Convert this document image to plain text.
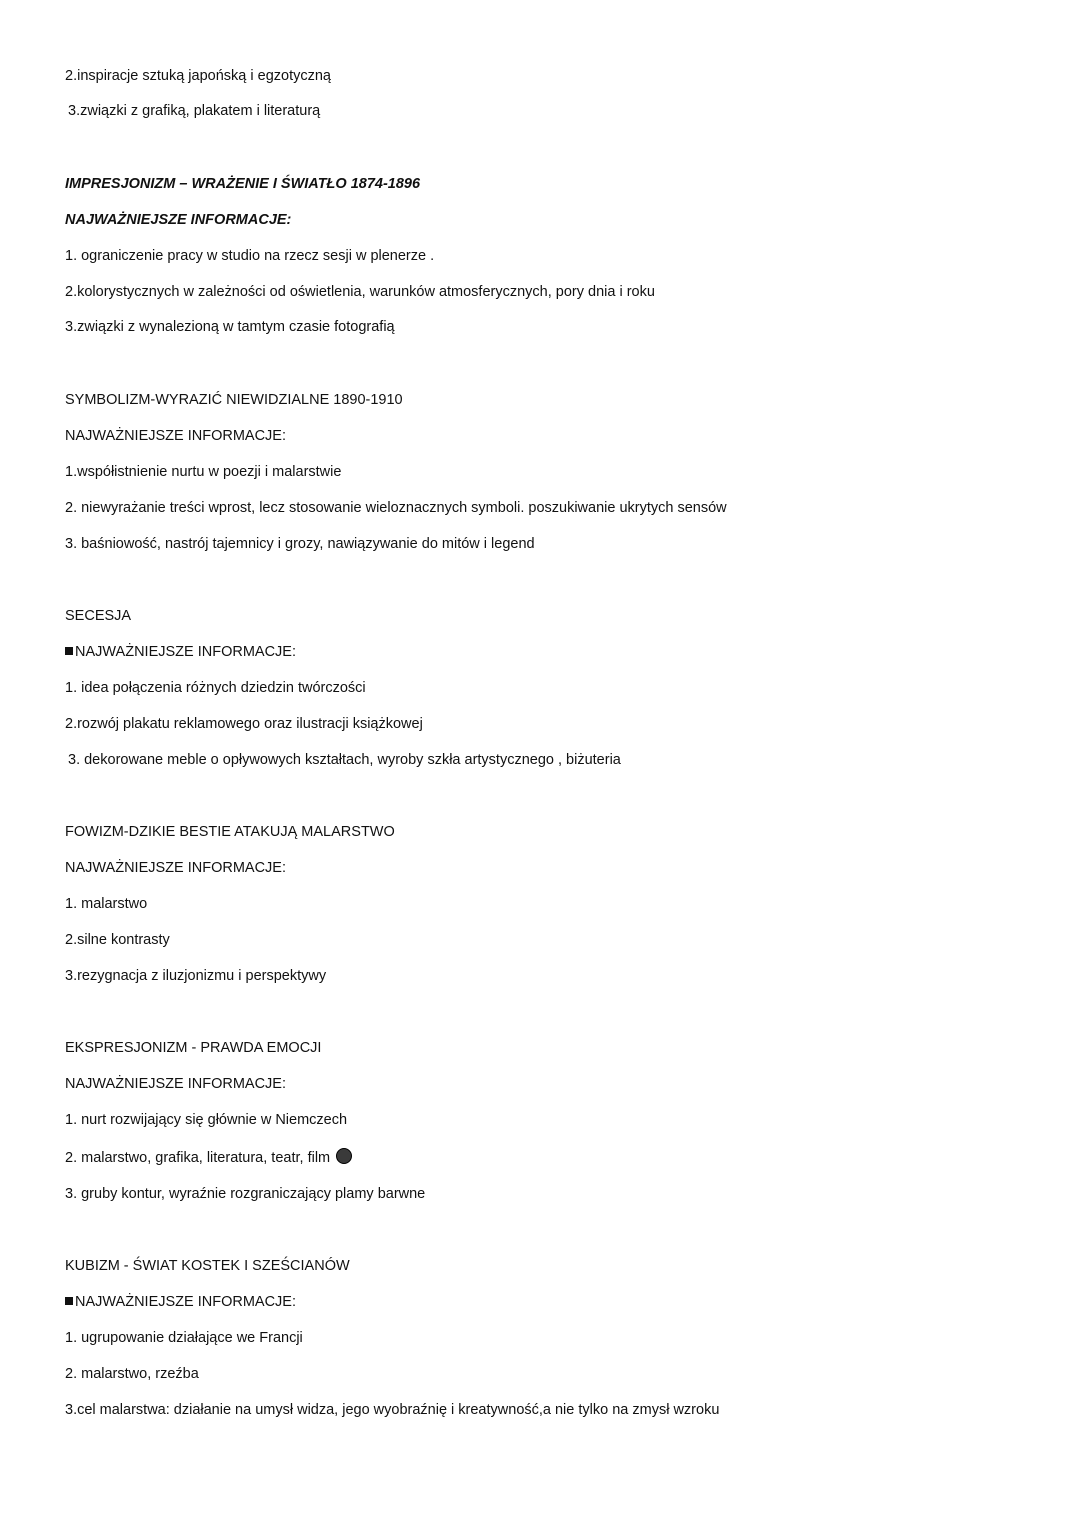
2.inspiracje sztuką japońską i egzotyczną
3.związki z grafiką, plakatem i literaturą
IMPRESJONIZM – WRAŻENIE I ŚWIATŁO 1874-1896
NAJWAŻNIEJSZE INFORMACJE:
1. ograniczenie pracy w studio na rzecz sesji w plenerze .
2.kolorystycznych w zależności od oświetlenia, warunków atmosferycznych, pory dnia i roku
3.związki z wynalezioną w tamtym czasie fotografią
SYMBOLIZM-WYRAZIĆ NIEWIDZIALNE 1890-1910
NAJWAŻNIEJSZE INFORMACJE:
1.współistnienie nurtu w poezji i malarstwie
2. niewyrażanie treści wprost, lecz stosowanie wieloznacznych symboli. poszukiwanie ukrytych sensów
3. baśniowość, nastrój tajemnicy i grozy, nawiązywanie do mitów i legend
SECESJA
NAJWAŻNIEJSZE INFORMACJE:
1. idea połączenia różnych dziedzin twórczości
2.rozwój plakatu reklamowego oraz ilustracji książkowej
3. dekorowane meble o opływowych kształtach, wyroby szkła artystycznego , biżuteria
FOWIZM-DZIKIE BESTIE ATAKUJĄ MALARSTWO
NAJWAŻNIEJSZE INFORMACJE:
1. malarstwo
2.silne kontrasty
3.rezygnacja z iluzjonizmu i perspektywy
EKSPRESJONIZM - PRAWDA EMOCJI
NAJWAŻNIEJSZE INFORMACJE:
1. nurt rozwijający się głównie w Niemczech
2. malarstwo, grafika, literatura, teatr, film
3. gruby kontur, wyraźnie rozgraniczający plamy barwne
KUBIZM - ŚWIAT KOSTEK I SZEŚCIANÓW
NAJWAŻNIEJSZE INFORMACJE:
1. ugrupowanie działające we Francji
2. malarstwo, rzeźba
3.cel malarstwa: działanie na umysł widza, jego wyobraźnię i kreatywność,a nie tylko na zmysł wzroku
